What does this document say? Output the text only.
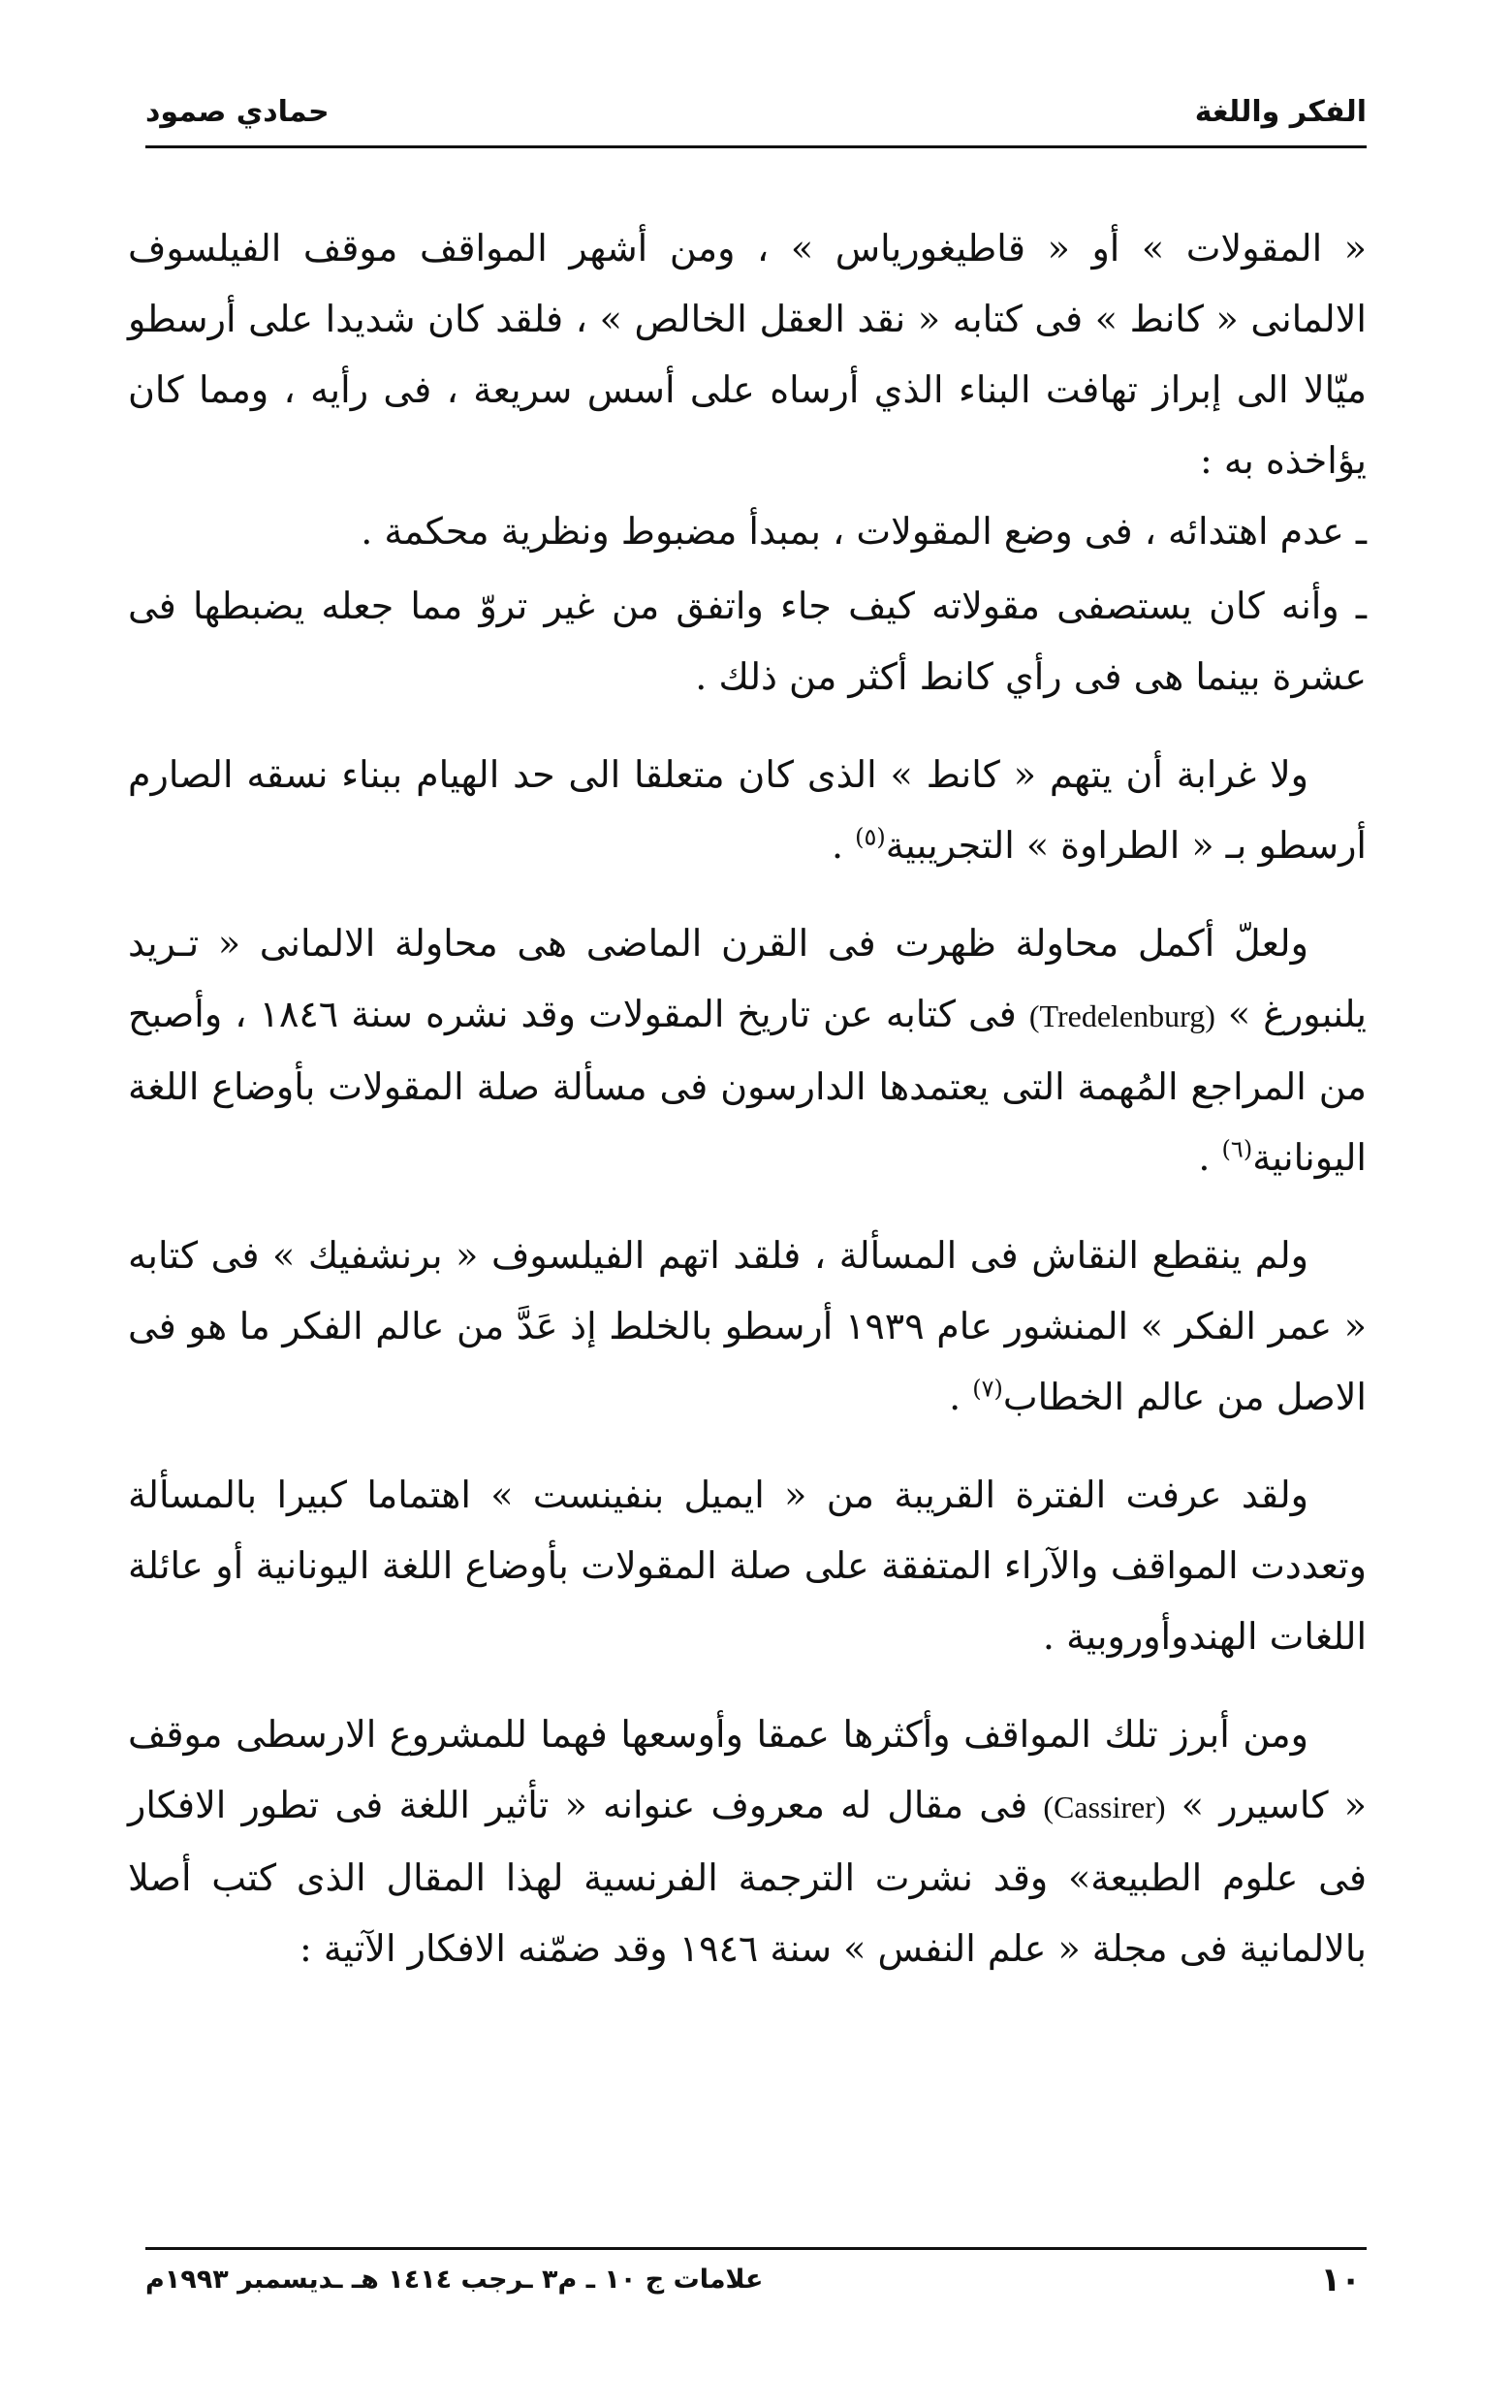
الفكر واللغة
حمادي صمود

« المقولات » أو « قاطيغورياس » ، ومن أشهر المواقف موقف الفيلسوف الالمانى « كانط » فى كتابه « نقد العقل الخالص » ، فلقد كان شديدا على أرسطو ميّالا الى إبراز تهافت البناء الذي أرساه على أسس سريعة ، فى رأيه ، ومما كان يؤاخذه به :

ـ عدم اهتدائه ، فى وضع المقولات ، بمبدأ مضبوط ونظرية محكمة .

ـ وأنه كان يستصفى مقولاته كيف جاء واتفق من غير تروّ مما جعله يضبطها فى عشرة بينما هى فى رأي كانط أكثر من ذلك .

ولا غرابة أن يتهم « كانط » الذى كان متعلقا الى حد الهيام ببناء نسقه الصارم أرسطو بـ « الطراوة » التجريبية$^{(٥)}$ .

ولعلّ أكمل محاولة ظهرت فى القرن الماضى هى محاولة الالمانى « تـريد يلنبورغ » (Tredelenburg) فى كتابه عن تاريخ المقولات وقد نشره سنة ١٨٤٦ ، وأصبح من المراجع المُهمة التى يعتمدها الدارسون فى مسألة صلة المقولات بأوضاع اللغة اليونانية$^{(٦)}$ .

ولم ينقطع النقاش فى المسألة ، فلقد اتهم الفيلسوف « برنشفيك » فى كتابه « عمر الفكر » المنشور عام ١٩٣٩ أرسطو بالخلط إذ عَدَّ من عالم الفكر ما هو فى الاصل من عالم الخطاب$^{(٧)}$ .

ولقد عرفت الفترة القريبة من « ايميل بنفينست » اهتماما كبيرا بالمسألة وتعددت المواقف والآراء المتفقة على صلة المقولات بأوضاع اللغة اليونانية أو عائلة اللغات الهندوأوروبية .

ومن أبرز تلك المواقف وأكثرها عمقا وأوسعها فهما للمشروع الارسطى موقف « كاسيرر » (Cassirer) فى مقال له معروف عنوانه « تأثير اللغة فى تطور الافكار فى علوم الطبيعة» وقد نشرت الترجمة الفرنسية لهذا المقال الذى كتب أصلا بالالمانية فى مجلة « علم النفس » سنة ١٩٤٦ وقد ضمّنه الافكار الآتية :

١٠
علامات ج ١٠ ـ م٣ ـرجب ١٤١٤ هـ ـديسمبر ١٩٩٣م
